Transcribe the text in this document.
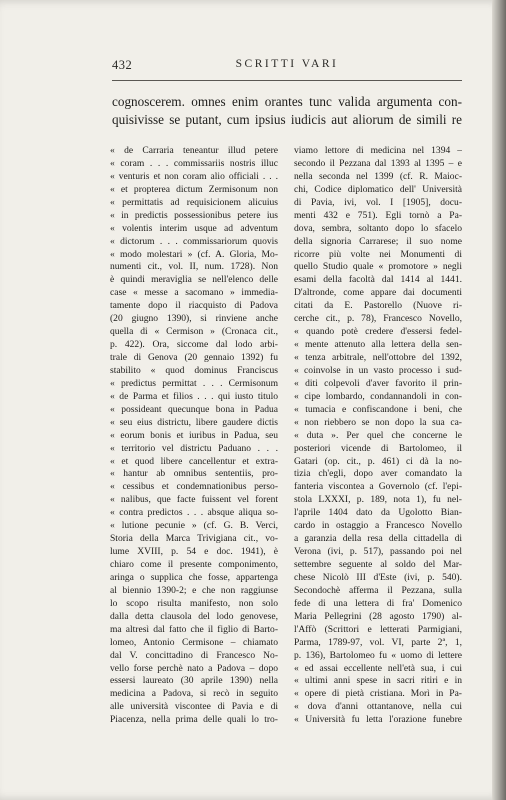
432	SCRITTI VARI
cognoscerem. omnes enim orantes tunc valida argumenta con-
quisivisse se putant, cum ipsius iudicis aut aliorum de simili re
« de Carraria teneantur illud petere
« coram . . . commissariis nostris illuc
« venturis et non coram alio officiali . . .
« et propterea dictum Zermisonum non
« permittatis ad requisicionem alicuius
« in predictis possessionibus petere ius
« volentis interim usque ad adventum
« dictorum . . . commissariorum quovis
« modo molestari » (cf. A. Gloria, Mo-
numenti cit., vol. II, num. 1728). Non
è quindi meraviglia se nell'elenco delle
case « messe a sacomano » immedia-
tamente dopo il riacquisto di Padova
(20 giugno 1390), si rinviene anche
quella di « Cermison » (Cronaca cit.,
p. 422). Ora, siccome dal lodo arbi-
trale di Genova (20 gennaio 1392) fu
stabilito « quod dominus Franciscus
« predictus permittat . . . Cermisonum
« de Parma et filios . . . qui iusto titulo
« possideant quecunque bona in Padua
« seu eius districtu, libere gaudere dictis
« eorum bonis et iuribus in Padua, seu
« territorio vel districtu Paduano . . .
« et quod libere cancellentur et extra-
« hantur ab omnibus sententiis, pro-
« cessibus et condemnationibus perso-
« nalibus, que facte fuissent vel forent
« contra predictos . . . absque aliqua so-
« lutione pecunie » (cf. G. B. Verci,
Storia della Marca Trivigiana cit., vo-
lume XVIII, p. 54 e doc. 1941), è
chiaro come il presente componimento,
aringa o supplica che fosse, appartenga
al biennio 1390-2; e che non raggiunse
lo scopo risulta manifesto, non solo
dalla detta clausola del lodo genovese,
ma altresì dal fatto che il figlio di Barto-
lomeo, Antonio Cermisone – chiamato
dal V. concittadino di Francesco No-
vello forse perchè nato a Padova – dopo
essersi laureato (30 aprile 1390) nella
medicina a Padova, si recò in seguito
alle università viscontee di Pavia e di
Piacenza, nella prima delle quali lo tro-
viamo lettore di medicina nel 1394 –
secondo il Pezzana dal 1393 al 1395 – e
nella seconda nel 1399 (cf. R. Maioc-
chi, Codice diplomatico dell' Università
di Pavia, ivi, vol. I [1905], docu-
menti 432 e 751). Egli tornò a Pa-
dova, sembra, soltanto dopo lo sfacelo
della signoria Carrarese; il suo nome
ricorre più volte nei Monumenti di
quello Studio quale « promotore » negli
esami della facoltà dal 1414 al 1441.
D'altronde, come appare dai documenti
citati da E. Pastorello (Nuove ri-
cerche cit., p. 78), Francesco Novello,
« quando potè credere d'essersi fedel-
« mente attenuto alla lettera della sen-
« tenza arbitrale, nell'ottobre del 1392,
« coinvolse in un vasto processo i sud-
« diti colpevoli d'aver favorito il prin-
« cipe lombardo, condannandoli in con-
« tumacia e confiscandone i beni, che
« non riebbero se non dopo la sua ca-
« duta ». Per quel che concerne le
posteriori vicende di Bartolomeo, il
Gatari (op. cit., p. 461) ci dà la no-
tizia ch'egli, dopo aver comandato la
fanteria viscontea a Governolo (cf. l'epi-
stola LXXXI, p. 189, nota 1), fu nel-
l'aprile 1404 dato da Ugolotto Bian-
cardo in ostaggio a Francesco Novello
a garanzia della resa della cittadella di
Verona (ivi, p. 517), passando poi nel
settembre seguente al soldo del Mar-
chese Nicolò III d'Este (ivi, p. 540).
Secondochè afferma il Pezzana, sulla
fede di una lettera di fra' Domenico
Maria Pellegrini (28 agosto 1790) al-
l'Affò (Scrittori e letterati Parmigiani,
Parma, 1789-97, vol. VI, parte 2ª, 1,
p. 136), Bartolomeo fu « uomo di lettere
« ed assai eccellente nell'età sua, i cui
« ultimi anni spese in sacri ritiri e in
« opere di pietà cristiana. Morì in Pa-
« dova d'anni ottantanove, nella cui
« Università fu letta l'orazione funebre
